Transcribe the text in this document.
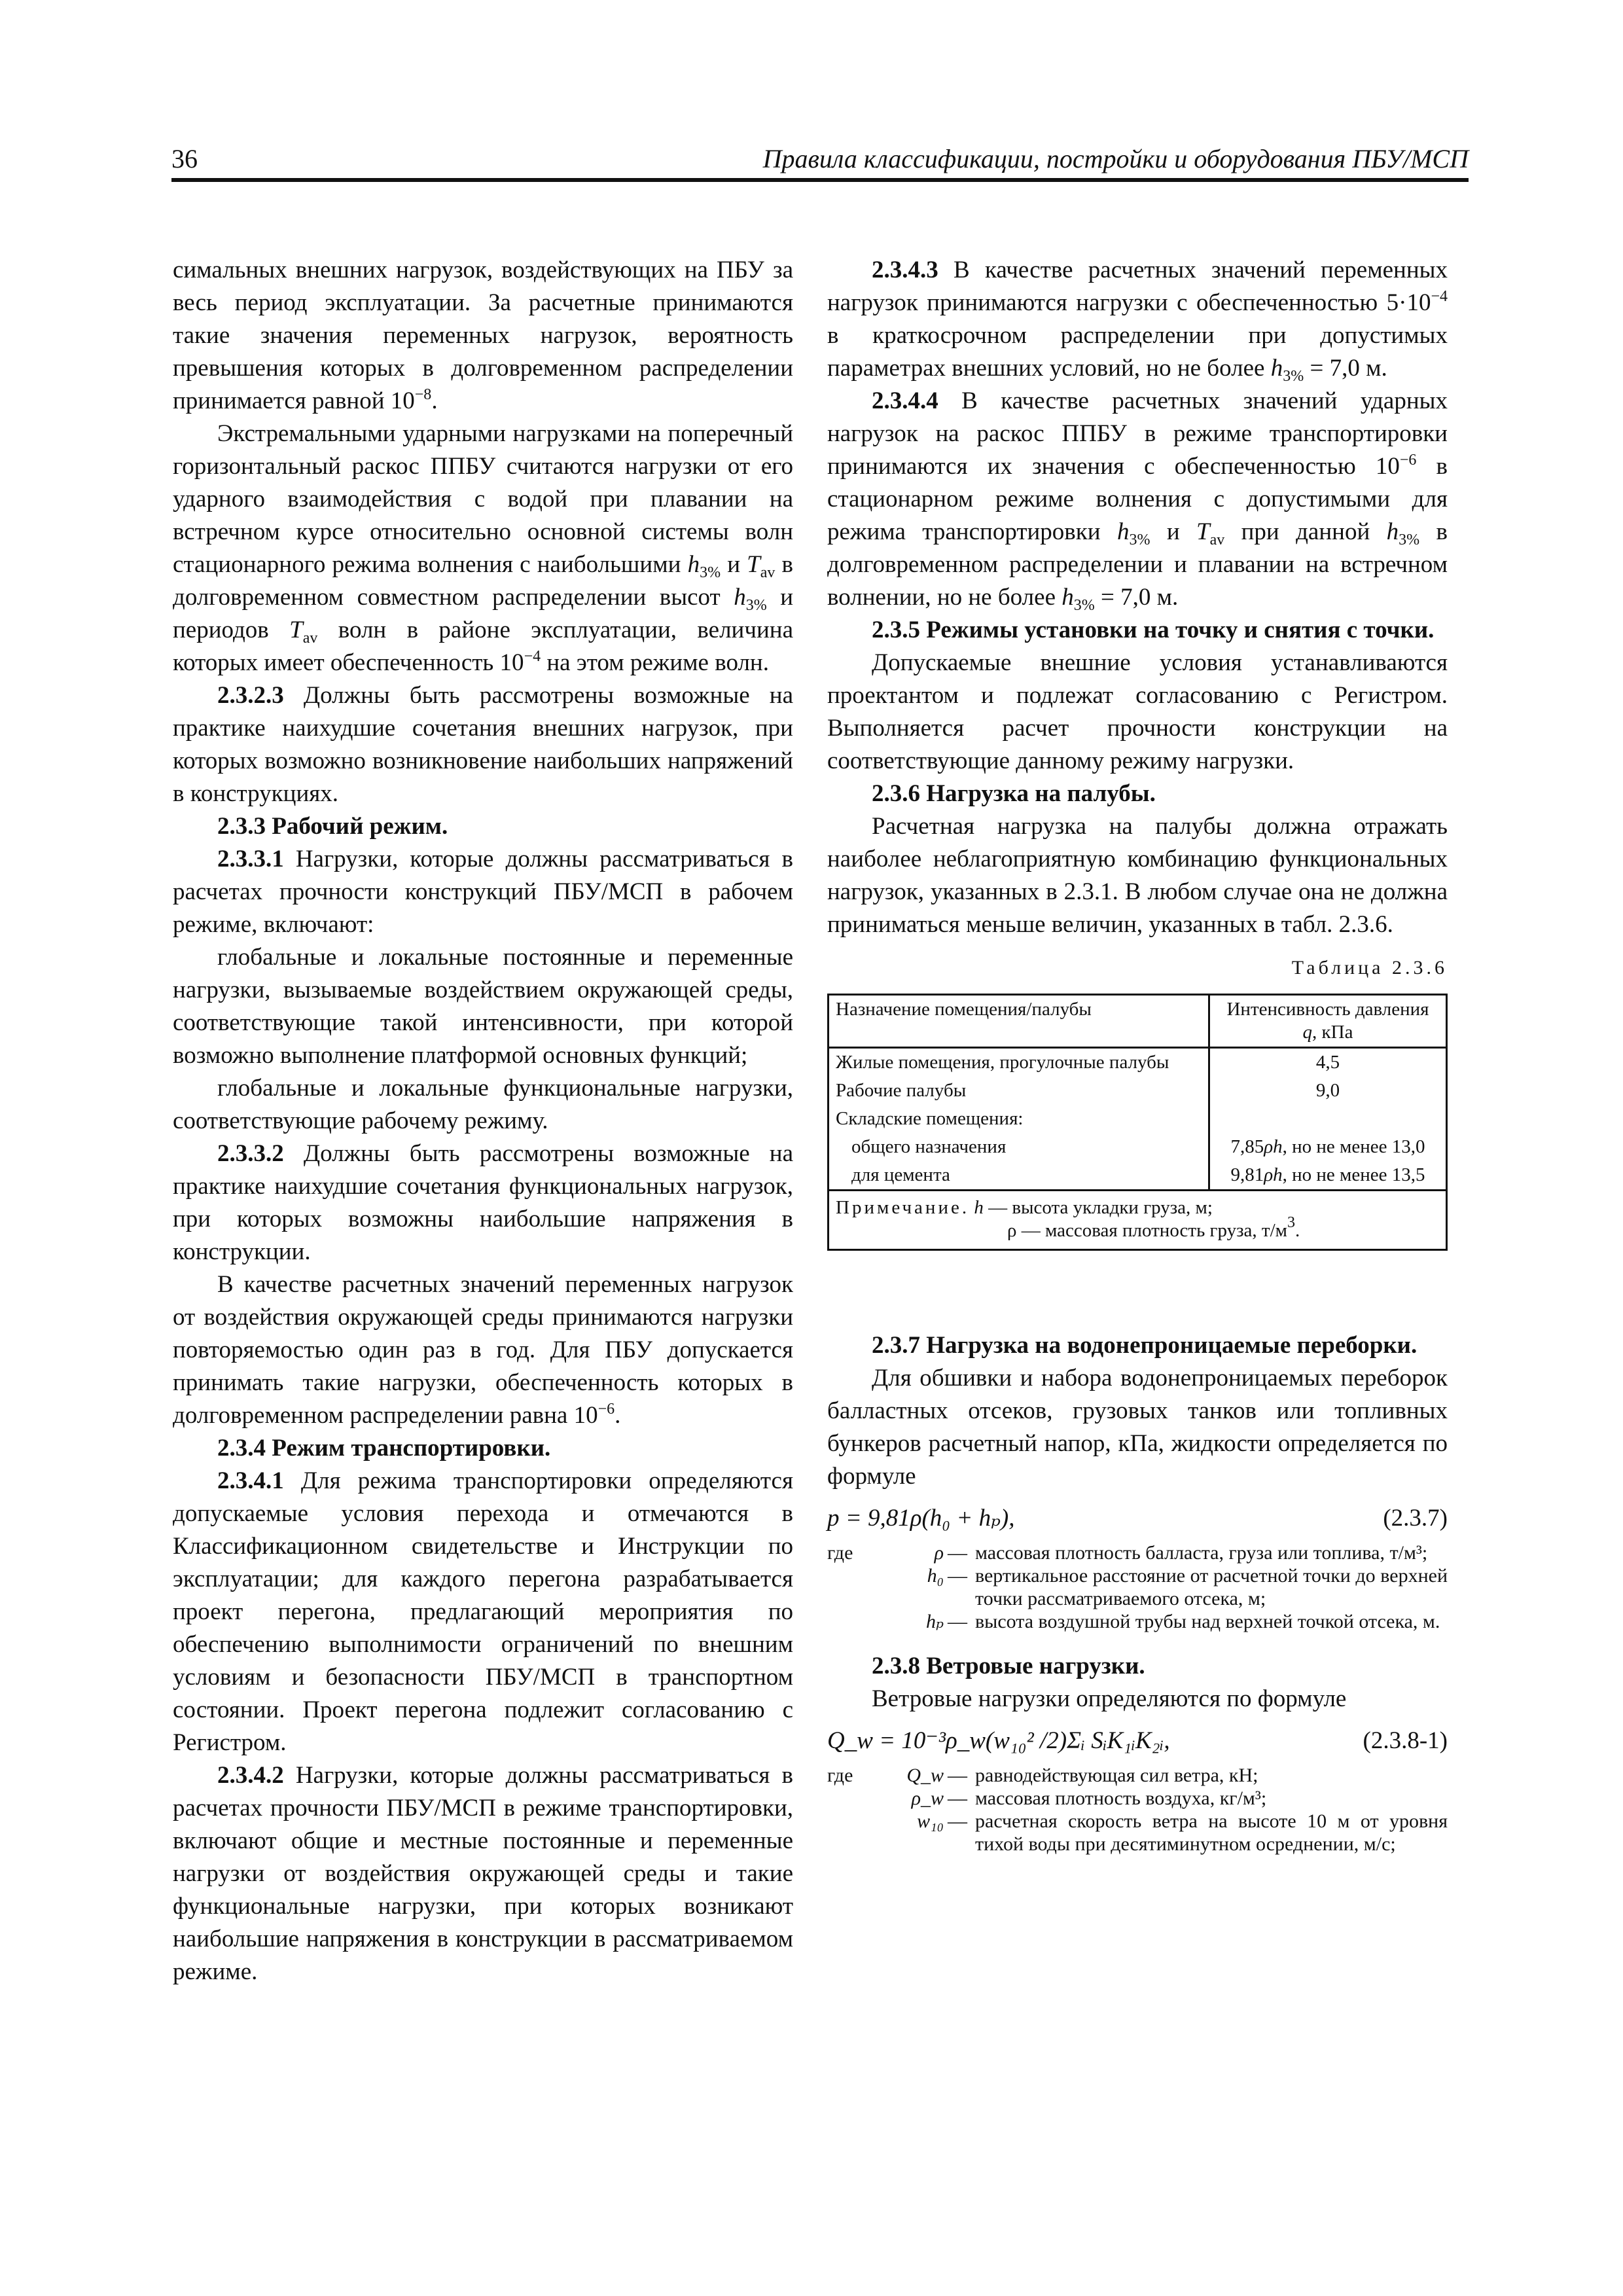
36	Правила классификации, постройки и оборудования ПБУ/МСП

симальных внешних нагрузок, воздействующих на ПБУ за весь период эксплуатации. За расчетные принимаются такие значения переменных нагрузок, вероятность превышения которых в долговременном распределении принимается равной $10^{-8}$.

Экстремальными ударными нагрузками на поперечный горизонтальный раскос ППБУ считаются нагрузки от его ударного взаимодействия с водой при плавании на встречном курсе относительно основной системы волн стационарного режима волнения с наибольшими $h_{3\%}$ и $T_{av}$ в долговременном совместном распределении высот $h_{3\%}$ и периодов $T_{av}$ волн в районе эксплуатации, величина которых имеет обеспеченность $10^{-4}$ на этом режиме волн.

2.3.2.3 Должны быть рассмотрены возможные на практике наихудшие сочетания внешних нагрузок, при которых возможно возникновение наибольших напряжений в конструкциях.

2.3.3 Рабочий режим.

2.3.3.1 Нагрузки, которые должны рассматриваться в расчетах прочности конструкций ПБУ/МСП в рабочем режиме, включают:

глобальные и локальные постоянные и переменные нагрузки, вызываемые воздействием окружающей среды, соответствующие такой интенсивности, при которой возможно выполнение платформой основных функций;

глобальные и локальные функциональные нагрузки, соответствующие рабочему режиму.

2.3.3.2 Должны быть рассмотрены возможные на практике наихудшие сочетания функциональных нагрузок, при которых возможны наибольшие напряжения в конструкции.

В качестве расчетных значений переменных нагрузок от воздействия окружающей среды принимаются нагрузки повторяемостью один раз в год. Для ПБУ допускается принимать такие нагрузки, обеспеченность которых в долговременном распределении равна $10^{-6}$.

2.3.4 Режим транспортировки.

2.3.4.1 Для режима транспортировки определяются допускаемые условия перехода и отмечаются в Классификационном свидетельстве и Инструкции по эксплуатации; для каждого перегона разрабатывается проект перегона, предлагающий мероприятия по обеспечению выполнимости ограничений по внешним условиям и безопасности ПБУ/МСП в транспортном состоянии. Проект перегона подлежит согласованию с Регистром.

2.3.4.2 Нагрузки, которые должны рассматриваться в расчетах прочности ПБУ/МСП в режиме транспортировки, включают общие и местные постоянные и переменные нагрузки от воздействия окружающей среды и такие функциональные нагрузки, при которых возникают наибольшие напряжения в конструкции в рассматриваемом режиме.

2.3.4.3 В качестве расчетных значений переменных нагрузок принимаются нагрузки с обеспеченностью $5\cdot 10^{-4}$ в краткосрочном распределении при допустимых параметрах внешних условий, но не более $h_{3\%} = 7,0$ м.

2.3.4.4 В качестве расчетных значений ударных нагрузок на раскос ППБУ в режиме транспортировки принимаются их значения с обеспеченностью $10^{-6}$ в стационарном режиме волнения с допустимыми для режима транспортировки $h_{3\%}$ и $T_{av}$ при данной $h_{3\%}$ в долговременном распределении и плавании на встречном волнении, но не более $h_{3\%} = 7,0$ м.

2.3.5 Режимы установки на точку и снятия с точки.

Допускаемые внешние условия устанавливаются проектантом и подлежат согласованию с Регистром. Выполняется расчет прочности конструкции на соответствующие данному режиму нагрузки.

2.3.6 Нагрузка на палубы.

Расчетная нагрузка на палубы должна отражать наиболее неблагоприятную комбинацию функциональных нагрузок, указанных в 2.3.1. В любом случае она не должна приниматься меньше величин, указанных в табл. 2.3.6.

Таблица 2.3.6
Назначение помещения/палубы	Интенсивность давления
q, кПа
Жилые помещения, прогулочные палубы	4,5
Рабочие палубы	9,0
Складские помещения:	
общего назначения	7,85ρh, но не менее 13,0
для цемента	9,81ρh, но не менее 13,5
Примечание. h — высота укладки груза, м;
ρ — массовая плотность груза, $т/м^3$.	

2.3.7 Нагрузка на водонепроницаемые переборки.

Для обшивки и набора водонепроницаемых переборок балластных отсеков, грузовых танков или топливных бункеров расчетный напор, кПа, жидкости определяется по формуле

p = 9,81ρ(h₀ + hₚ),	(2.3.7)
где	ρ — массовая плотность балласта, груза или топлива, т/м³;
h₀ — вертикальное расстояние от расчетной точки до верхней точки рассматриваемого отсека, м;
hₚ — высота воздушной трубы над верхней точкой отсека, м.

2.3.8 Ветровые нагрузки.

Ветровые нагрузки определяются по формуле

Q_w = 10⁻³ρ_w(w₁₀² /2)Σᵢ SᵢK₁ᵢK₂ᵢ,	(2.3.8-1)
где	Q_w — равнодействующая сил ветра, кН;
ρ_w — массовая плотность воздуха, кг/м³;
w₁₀ — расчетная скорость ветра на высоте 10 м от уровня тихой воды при десятиминутном осреднении, м/с;
